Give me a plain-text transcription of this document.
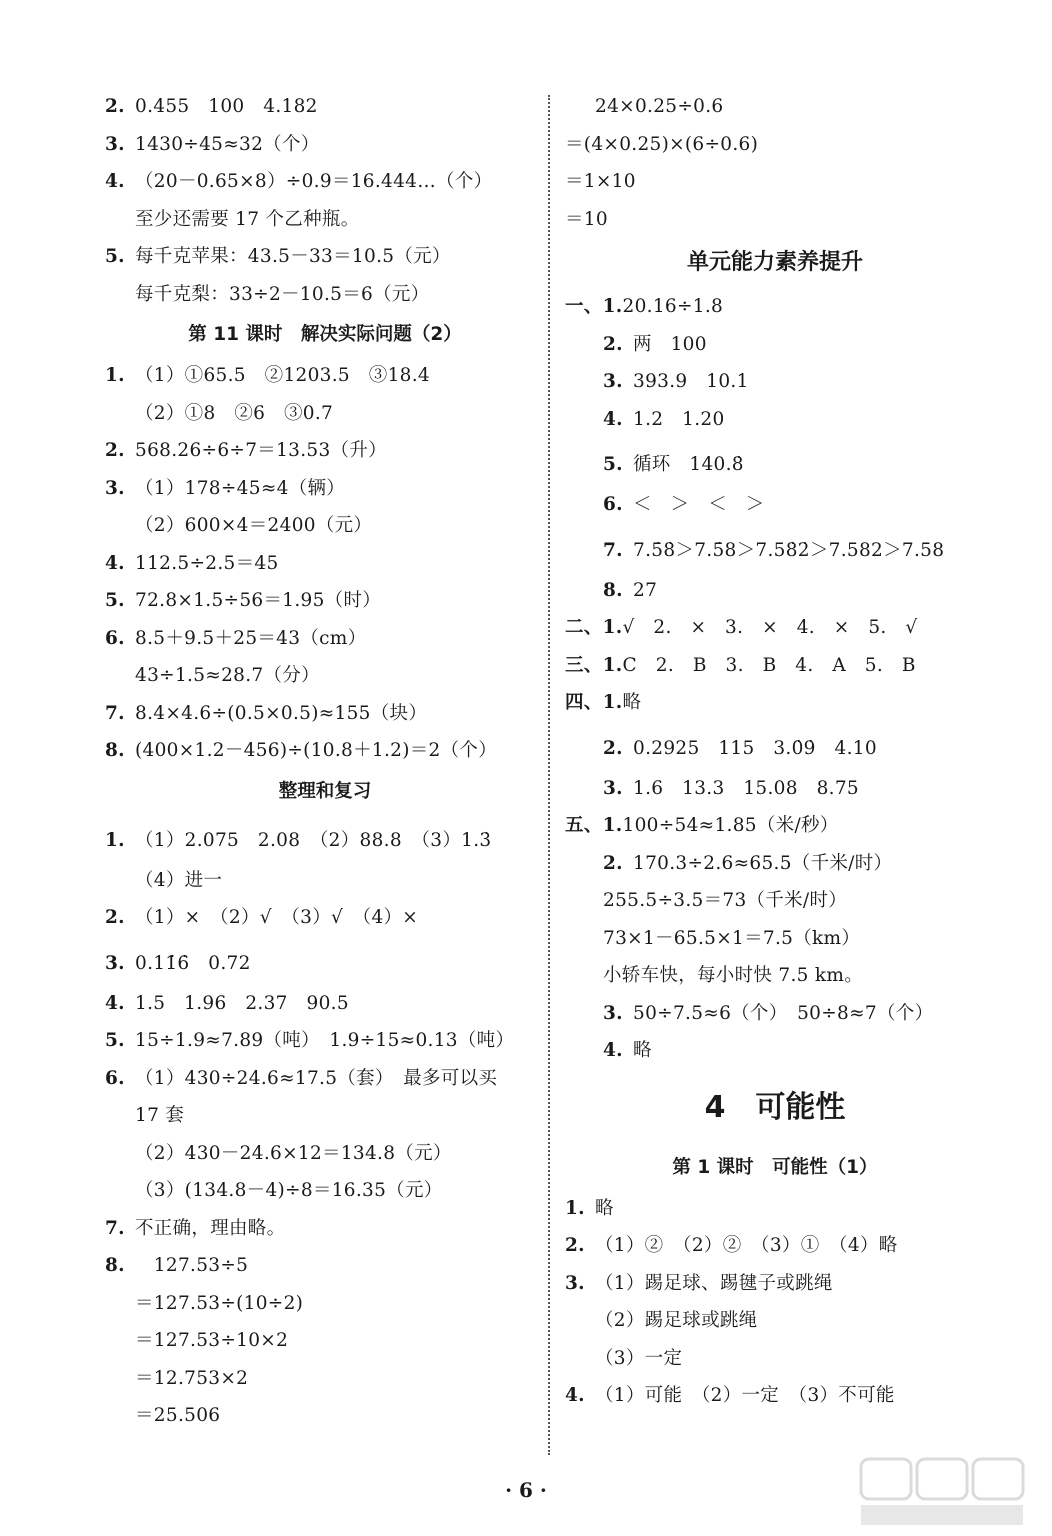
2. 0.455　100　4.182
3. 1430÷45≈32（个）
4. （20－0.65×8）÷0.9＝16.444…（个）
至少还需要 17 个乙种瓶。
5. 每千克苹果：43.5－33＝10.5（元）
每千克梨：33÷2－10.5＝6（元）
第 11 课时　解决实际问题（2）
1. （1）①65.5　②1203.5　③18.4
（2）①8　②6　③0.7
2. 568.26÷6÷7＝13.53（升）
3. （1）178÷45≈4（辆）
（2）600×4＝2400（元）
4. 112.5÷2.5＝45
5. 72.8×1.5÷56＝1.95（时）
6. 8.5＋9.5＋25＝43（cm）
43÷1.5≈28.7（分）
7. 8.4×4.6÷(0.5×0.5)≈155（块）
8. (400×1.2－456)÷(10.8＋1.2)＝2（个）
整理和复习
1. （1）2.075　2.08　（2）88.8　（3）1.3̇
（4）进一
2. （1）×　（2）√　（3）√　（4）×
3. 0.11̇6̇　0.72
4. 1.5　1.96　2.37　90.5
5. 15÷1.9≈7.89（吨）　1.9÷15≈0.13（吨）
6. （1）430÷24.6≈17.5（套）　最多可以买
17 套
（2）430－24.6×12＝134.8（元）
（3）(134.8－4)÷8＝16.35（元）
7. 不正确，理由略。
8.　127.53÷5
＝127.53÷(10÷2)
＝127.53÷10×2
＝12.753×2
＝25.506
24×0.25÷0.6
＝(4×0.25)×(6÷0.6)
＝1×10
＝10
单元能力素养提升
一、1.20.16÷1.8
2. 两　100
3. 393.9　10.1
4. 1.2　1.20
5. 循环　140.8̇
6. ＜　＞　＜　＞
7. 7.5̇8̇＞7.5̇8＞7.58̇2̇＞7.582＞7.58
8. 27
二、1.√　2.　×　3.　×　4.　×　5.　√
三、1.C　2.　B　3.　B　4.　A　5.　B
四、1.略
2. 0.2925　115　3.0̇9̇　4.10
3. 1.6　13.3　15.08　8.75
五、1.100÷54≈1.85（米/秒）
2. 170.3÷2.6≈65.5（千米/时）
255.5÷3.5＝73（千米/时）
73×1－65.5×1＝7.5（km）
小轿车快，每小时快 7.5 km。
3. 50÷7.5≈6（个）　50÷8≈7（个）
4. 略
4　可能性
第 1 课时　可能性（1）
1. 略
2. （1）②　（2）②　（3）①　（4）略
3. （1）踢足球、踢毽子或跳绳
（2）踢足球或跳绳
（3）一定
4. （1）可能　（2）一定　（3）不可能
· 6 ·
